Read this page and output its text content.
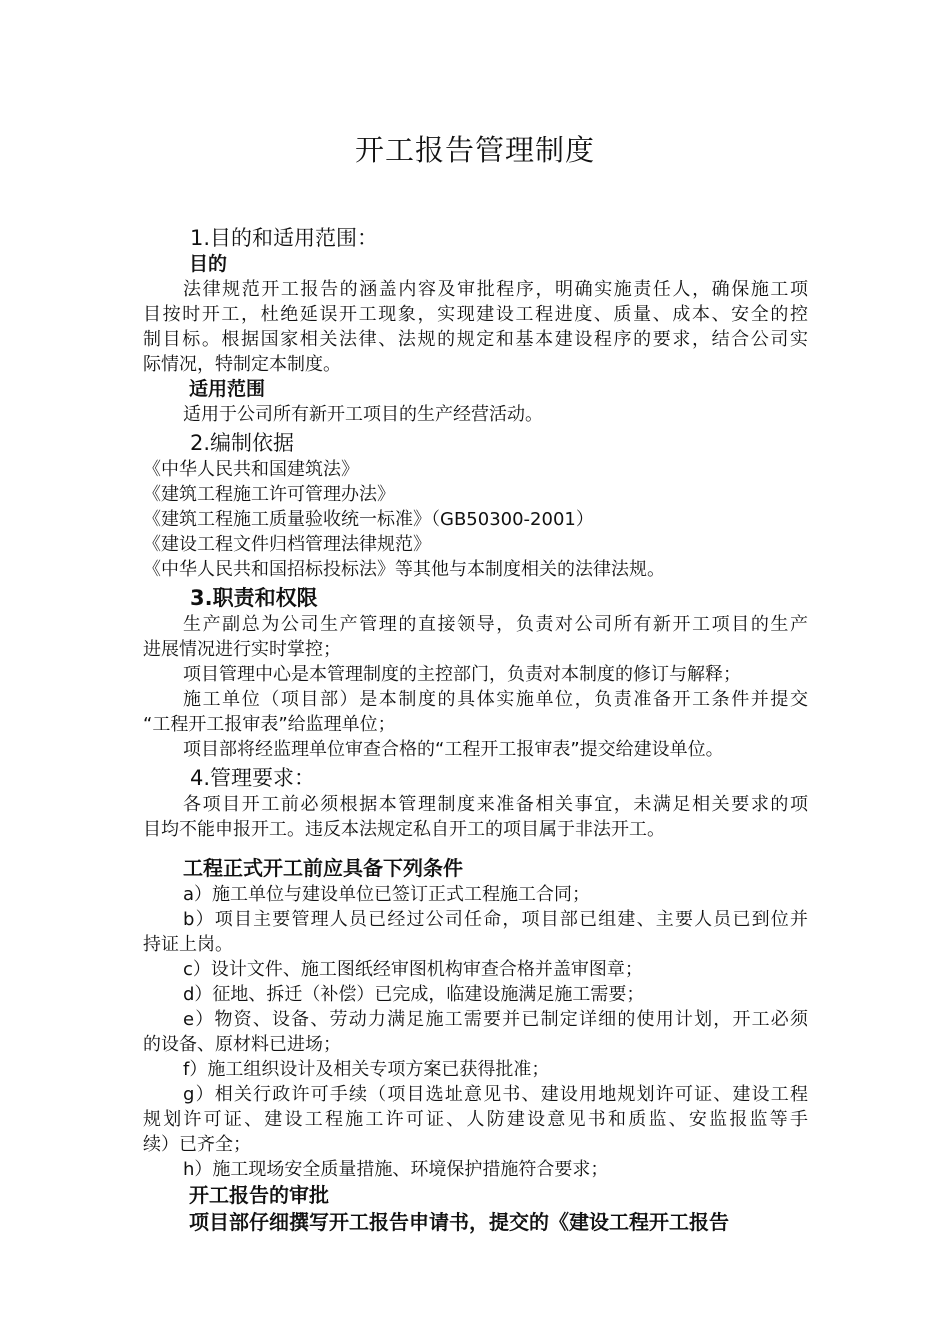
开工报告管理制度
1.目的和适用范围：
目的
法律规范开工报告的涵盖内容及审批程序，明确实施责任人，确保施工项
目按时开工，杜绝延误开工现象，实现建设工程进度、质量、成本、安全的控
制目标。根据国家相关法律、法规的规定和基本建设程序的要求，结合公司实
际情况，特制定本制度。
适用范围
适用于公司所有新开工项目的生产经营活动。
2.编制依据
《中华人民共和国建筑法》
《建筑工程施工许可管理办法》
《建筑工程施工质量验收统一标准》（GB50300-2001）
《建设工程文件归档管理法律规范》
《中华人民共和国招标投标法》等其他与本制度相关的法律法规。
3.职责和权限
生产副总为公司生产管理的直接领导，负责对公司所有新开工项目的生产
进展情况进行实时掌控；
项目管理中心是本管理制度的主控部门，负责对本制度的修订与解释；
施工单位（项目部）是本制度的具体实施单位，负责准备开工条件并提交
“工程开工报审表”给监理单位；
项目部将经监理单位审查合格的“工程开工报审表”提交给建设单位。
4.管理要求：
各项目开工前必须根据本管理制度来准备相关事宜，未满足相关要求的项
目均不能申报开工。违反本法规定私自开工的项目属于非法开工。
工程正式开工前应具备下列条件
a）施工单位与建设单位已签订正式工程施工合同；
b）项目主要管理人员已经过公司任命，项目部已组建、主要人员已到位并
持证上岗。
c）设计文件、施工图纸经审图机构审查合格并盖审图章；
d）征地、拆迁（补偿）已完成，临建设施满足施工需要；
e）物资、设备、劳动力满足施工需要并已制定详细的使用计划，开工必须
的设备、原材料已进场；
f）施工组织设计及相关专项方案已获得批准；
g）相关行政许可手续（项目选址意见书、建设用地规划许可证、建设工程
规划许可证、建设工程施工许可证、人防建设意见书和质监、安监报监等手
续）已齐全；
h）施工现场安全质量措施、环境保护措施符合要求；
开工报告的审批
项目部仔细撰写开工报告申请书，提交的《建设工程开工报告
